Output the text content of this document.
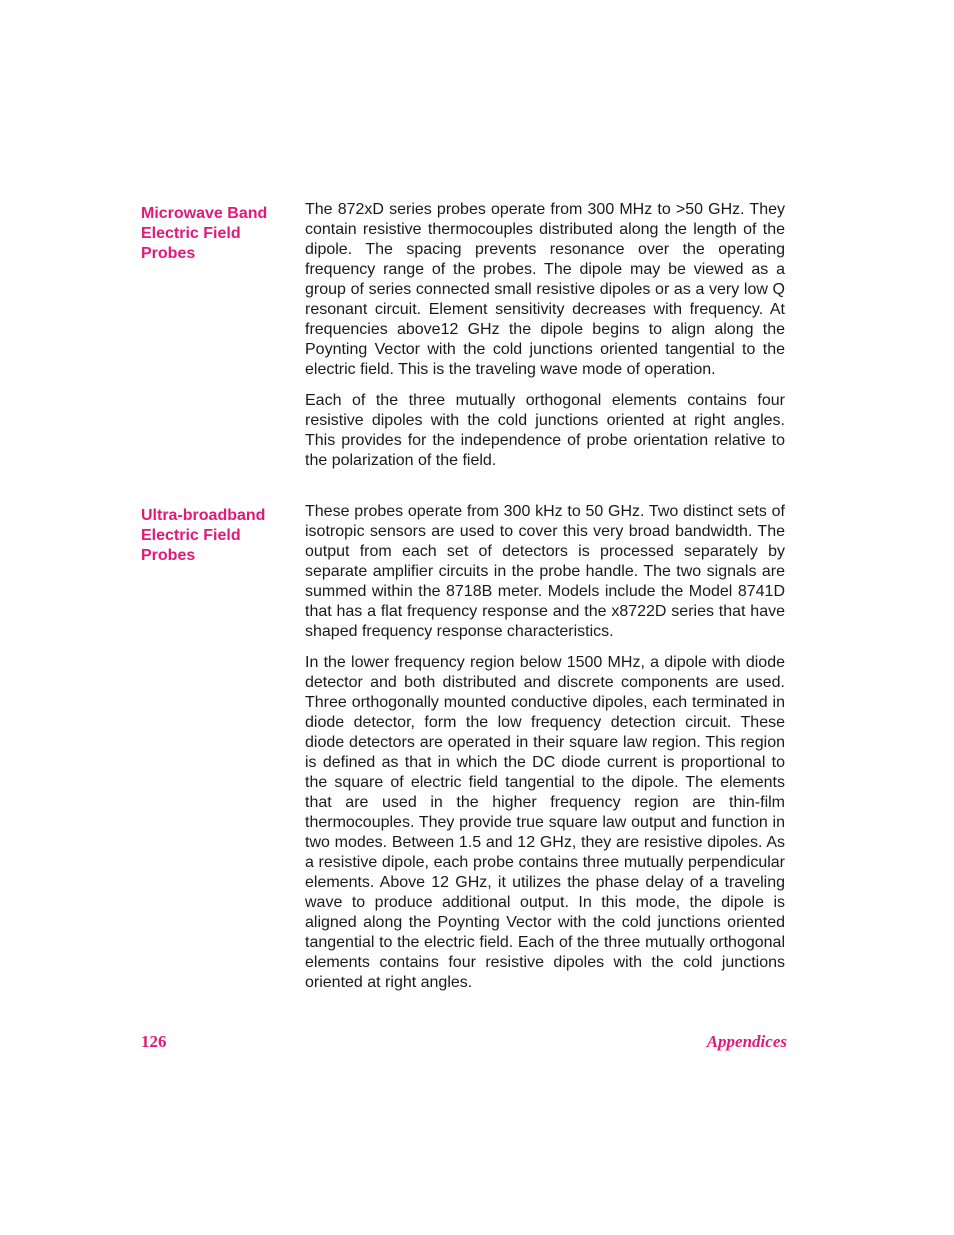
Microwave Band Electric Field Probes

The 872xD series probes operate from 300 MHz to >50 GHz. They contain resistive thermocouples distributed along the length of the dipole. The spacing prevents resonance over the operating frequency range of the probes. The dipole may be viewed as a group of series connected small resistive dipoles or as a very low Q resonant circuit. Element sensitivity decreases with frequency. At frequencies above12 GHz the dipole begins to align along the Poynting Vector with the cold junctions oriented tangential to the electric field. This is the traveling wave mode of operation.

Each of the three mutually orthogonal elements contains four resistive dipoles with the cold junctions oriented at right angles. This provides for the independence of probe orientation relative to the polarization of the field.

Ultra-broadband Electric Field Probes

These probes operate from 300 kHz to 50 GHz. Two distinct sets of isotropic sensors are used to cover this very broad bandwidth. The output from each set of detectors is processed separately by separate amplifier circuits in the probe handle. The two signals are summed within the 8718B meter. Models include the Model 8741D that has a flat frequency response and the x8722D series that have shaped frequency response characteristics.

In the lower frequency region below 1500 MHz, a dipole with diode detector and both distributed and discrete components are used. Three orthogonally mounted conductive dipoles, each terminated in diode detector, form the low frequency detection circuit. These diode detectors are operated in their square law region. This region is defined as that in which the DC diode current is proportional to the square of electric field tangential to the dipole. The elements that are used in the higher frequency region are thin-film thermocouples. They provide true square law output and function in two modes. Between 1.5 and 12 GHz, they are resistive dipoles. As a resistive dipole, each probe contains three mutually perpendicular elements. Above 12 GHz, it utilizes the phase delay of a traveling wave to produce additional output. In this mode, the dipole is aligned along the Poynting Vector with the cold junctions oriented tangential to the electric field. Each of the three mutually orthogonal elements contains four resistive dipoles with the cold junctions oriented at right angles.

126	Appendices
